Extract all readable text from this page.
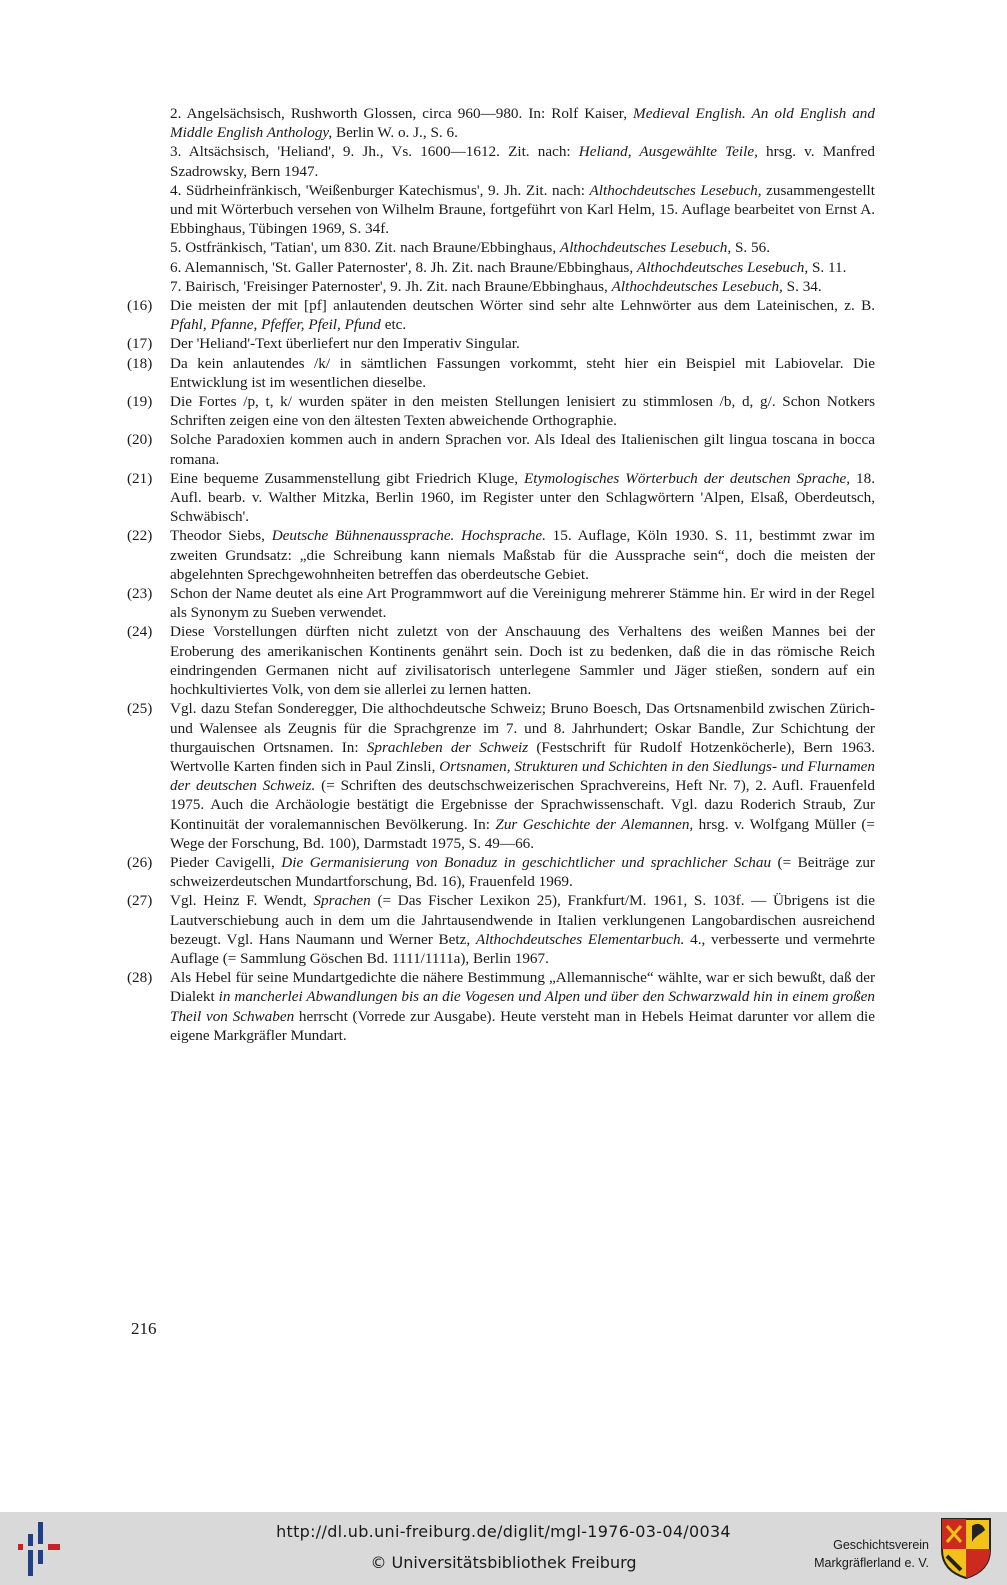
2. Angelsächsisch, Rushworth Glossen, circa 960—980. In: Rolf Kaiser, Medieval English. An old English and Middle English Anthology, Berlin W. o. J., S. 6.

3. Altsächsisch, 'Heliand', 9. Jh., Vs. 1600—1612. Zit. nach: Heliand, Ausgewählte Teile, hrsg. v. Manfred Szadrowsky, Bern 1947.

4. Südrheinfränkisch, 'Weißenburger Katechismus', 9. Jh. Zit. nach: Althochdeutsches Lesebuch, zusammengestellt und mit Wörterbuch versehen von Wilhelm Braune, fortgeführt von Karl Helm, 15. Auflage bearbeitet von Ernst A. Ebbinghaus, Tübingen 1969, S. 34f.

5. Ostfränkisch, 'Tatian', um 830. Zit. nach Braune/Ebbinghaus, Althochdeutsches Lesebuch, S. 56.

6. Alemannisch, 'St. Galler Paternoster', 8. Jh. Zit. nach Braune/Ebbinghaus, Althochdeutsches Lesebuch, S. 11.

7. Bairisch, 'Freisinger Paternoster', 9. Jh. Zit. nach Braune/Ebbinghaus, Althochdeutsches Lesebuch, S. 34.

(16)	Die meisten der mit [pf] anlautenden deutschen Wörter sind sehr alte Lehnwörter aus dem Lateinischen, z. B. Pfahl, Pfanne, Pfeffer, Pfeil, Pfund etc.

(17)	Der 'Heliand'-Text überliefert nur den Imperativ Singular.

(18)	Da kein anlautendes /k/ in sämtlichen Fassungen vorkommt, steht hier ein Beispiel mit Labiovelar. Die Entwicklung ist im wesentlichen dieselbe.

(19)	Die Fortes /p, t, k/ wurden später in den meisten Stellungen lenisiert zu stimmlosen /b, d, g/. Schon Notkers Schriften zeigen eine von den ältesten Texten abweichende Orthographie.

(20)	Solche Paradoxien kommen auch in andern Sprachen vor. Als Ideal des Italienischen gilt lingua toscana in bocca romana.

(21)	Eine bequeme Zusammenstellung gibt Friedrich Kluge, Etymologisches Wörterbuch der deutschen Sprache, 18. Aufl. bearb. v. Walther Mitzka, Berlin 1960, im Register unter den Schlagwörtern 'Alpen, Elsaß, Oberdeutsch, Schwäbisch'.

(22)	Theodor Siebs, Deutsche Bühnenaussprache. Hochsprache. 15. Auflage, Köln 1930. S. 11, bestimmt zwar im zweiten Grundsatz: „die Schreibung kann niemals Maßstab für die Aussprache sein“, doch die meisten der abgelehnten Sprechgewohnheiten betreffen das oberdeutsche Gebiet.

(23)	Schon der Name deutet als eine Art Programmwort auf die Vereinigung mehrerer Stämme hin. Er wird in der Regel als Synonym zu Sueben verwendet.

(24)	Diese Vorstellungen dürften nicht zuletzt von der Anschauung des Verhaltens des weißen Mannes bei der Eroberung des amerikanischen Kontinents genährt sein. Doch ist zu bedenken, daß die in das römische Reich eindringenden Germanen nicht auf zivilisatorisch unterlegene Sammler und Jäger stießen, sondern auf ein hochkultiviertes Volk, von dem sie allerlei zu lernen hatten.

(25)	Vgl. dazu Stefan Sonderegger, Die althochdeutsche Schweiz; Bruno Boesch, Das Ortsnamenbild zwischen Zürich- und Walensee als Zeugnis für die Sprachgrenze im 7. und 8. Jahrhundert; Oskar Bandle, Zur Schichtung der thurgauischen Ortsnamen. In: Sprachleben der Schweiz (Festschrift für Rudolf Hotzenköcherle), Bern 1963. Wertvolle Karten finden sich in Paul Zinsli, Ortsnamen, Strukturen und Schichten in den Siedlungs- und Flurnamen der deutschen Schweiz. (= Schriften des deutschschweizerischen Sprachvereins, Heft Nr. 7), 2. Aufl. Frauenfeld 1975. Auch die Archäologie bestätigt die Ergebnisse der Sprachwissenschaft. Vgl. dazu Roderich Straub, Zur Kontinuität der voralemannischen Bevölkerung. In: Zur Geschichte der Alemannen, hrsg. v. Wolfgang Müller (= Wege der Forschung, Bd. 100), Darmstadt 1975, S. 49—66.

(26)	Pieder Cavigelli, Die Germanisierung von Bonaduz in geschichtlicher und sprachlicher Schau (= Beiträge zur schweizerdeutschen Mundartforschung, Bd. 16), Frauenfeld 1969.

(27)	Vgl. Heinz F. Wendt, Sprachen (= Das Fischer Lexikon 25), Frankfurt/M. 1961, S. 103f. — Übrigens ist die Lautverschiebung auch in dem um die Jahrtausendwende in Italien verklungenen Langobardischen ausreichend bezeugt. Vgl. Hans Naumann und Werner Betz, Althochdeutsches Elementarbuch. 4., verbesserte und vermehrte Auflage (= Sammlung Göschen Bd. 1111/1111a), Berlin 1967.

(28)	Als Hebel für seine Mundartgedichte die nähere Bestimmung „Allemannische“ wählte, war er sich bewußt, daß der Dialekt in mancherlei Abwandlungen bis an die Vogesen und Alpen und über den Schwarzwald hin in einem großen Theil von Schwaben herrscht (Vorrede zur Ausgabe). Heute versteht man in Hebels Heimat darunter vor allem die eigene Markgräfler Mundart.

216
http://dl.ub.uni-freiburg.de/diglit/mgl-1976-03-04/0034
© Universitätsbibliothek Freiburg
Geschichtsverein
Markgräflerland e. V.
